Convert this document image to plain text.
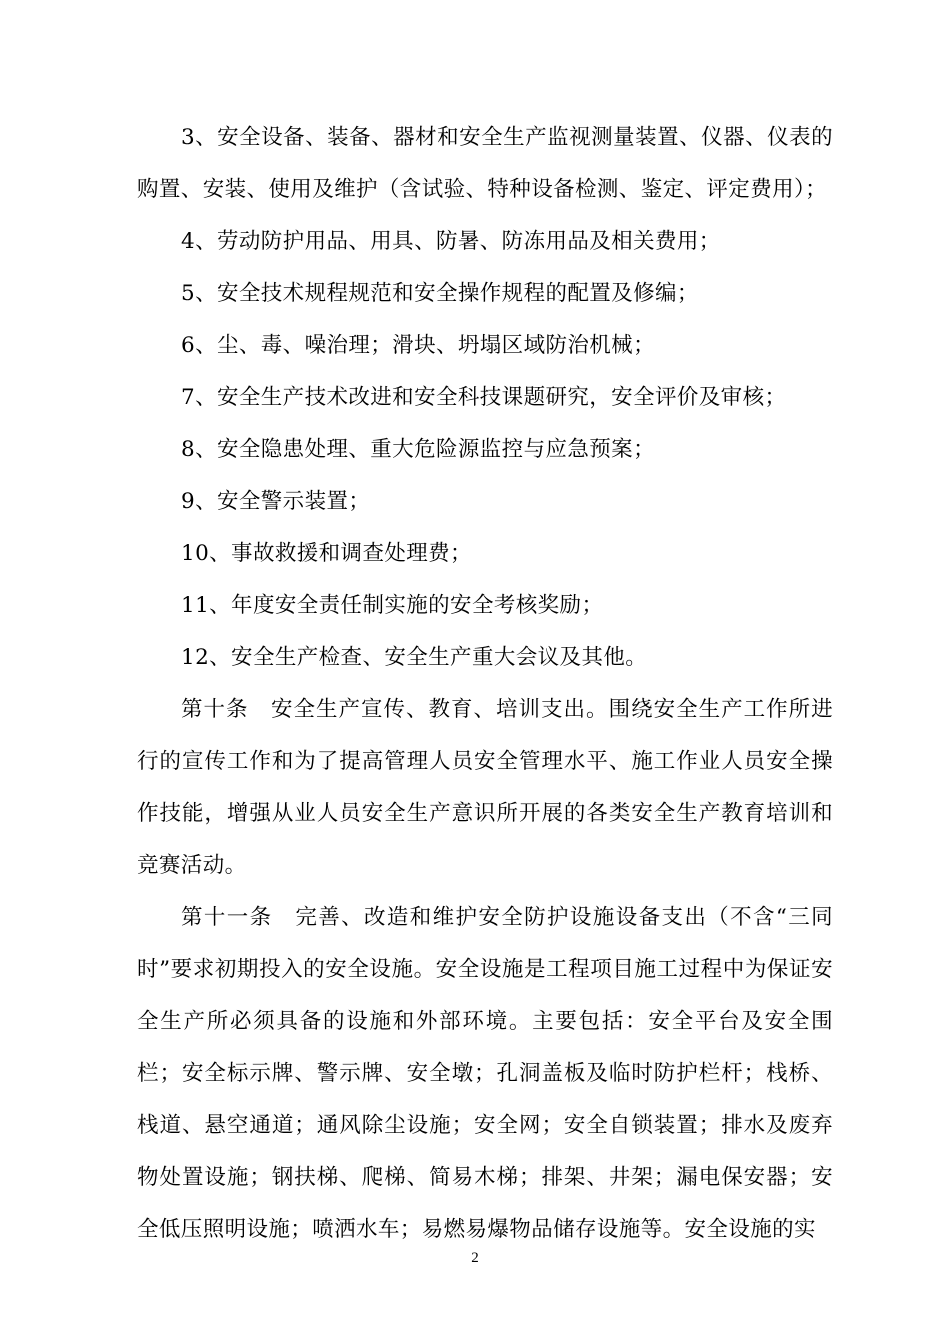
3、安全设备、装备、器材和安全生产监视测量装置、仪器、仪表的购置、安装、使用及维护（含试验、特种设备检测、鉴定、评定费用）；

4、劳动防护用品、用具、防暑、防冻用品及相关费用；

5、安全技术规程规范和安全操作规程的配置及修编；

6、尘、毒、噪治理；滑块、坍塌区域防治机械；

7、安全生产技术改进和安全科技课题研究，安全评价及审核；

8、安全隐患处理、重大危险源监控与应急预案；

9、安全警示装置；

10、事故救援和调查处理费；

11、年度安全责任制实施的安全考核奖励；

12、安全生产检查、安全生产重大会议及其他。

第十条　安全生产宣传、教育、培训支出。围绕安全生产工作所进行的宣传工作和为了提高管理人员安全管理水平、施工作业人员安全操作技能，增强从业人员安全生产意识所开展的各类安全生产教育培训和竞赛活动。

第十一条　完善、改造和维护安全防护设施设备支出（不含“三同时”要求初期投入的安全设施。安全设施是工程项目施工过程中为保证安全生产所必须具备的设施和外部环境。主要包括：安全平台及安全围栏；安全标示牌、警示牌、安全墩；孔洞盖板及临时防护栏杆；栈桥、栈道、悬空通道；通风除尘设施；安全网；安全自锁装置；排水及废弃物处置设施；钢扶梯、爬梯、简易木梯；排架、井架；漏电保安器；安全低压照明设施；喷洒水车；易燃易爆物品储存设施等。安全设施的实

2
